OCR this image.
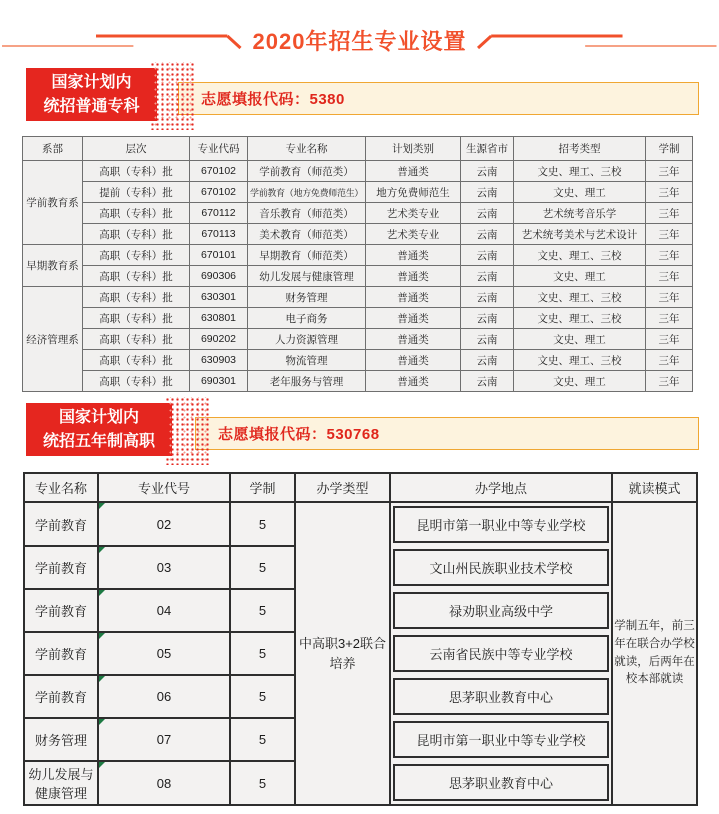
2020年招生专业设置
国家计划内
统招普通专科	志愿填报代码：5380
系部	层次	专业代码	专业名称	计划类别	生源省市	招考类型	学制
学前教育系	高职（专科）批	670102	学前教育（师范类）	普通类	云南	文史、理工、三校	三年
	提前（专科）批	670102	学前教育（地方免费师范生）	地方免费师范生	云南	文史、理工	三年
	高职（专科）批	670112	音乐教育（师范类）	艺术类专业	云南	艺术统考音乐学	三年
	高职（专科）批	670113	美术教育（师范类）	艺术类专业	云南	艺术统考美术与艺术设计	三年
早期教育系	高职（专科）批	670101	早期教育（师范类）	普通类	云南	文史、理工、三校	三年
	高职（专科）批	690306	幼儿发展与健康管理	普通类	云南	文史、理工	三年
经济管理系	高职（专科）批	630301	财务管理	普通类	云南	文史、理工、三校	三年
	高职（专科）批	630801	电子商务	普通类	云南	文史、理工、三校	三年
	高职（专科）批	690202	人力资源管理	普通类	云南	文史、理工	三年
	高职（专科）批	630903	物流管理	普通类	云南	文史、理工、三校	三年
	高职（专科）批	690301	老年服务与管理	普通类	云南	文史、理工	三年
国家计划内
统招五年制高职	志愿填报代码：530768
专业名称	专业代号	学制	办学类型	办学地点	就读模式
学前教育	02	5	中高职3+2联合培养	昆明市第一职业中等专业学校	学制五年，前三年在联合办学校就读，后两年在校本部就读
学前教育	03	5		文山州民族职业技术学校	

学前教育	04	5		禄劝职业高级中学	

学前教育	05	5		云南省民族中等专业学校	

学前教育	06	5		思茅职业教育中心	

财务管理	07	5		昆明市第一职业中等专业学校	

幼儿发展与健康管理	08	5		思茅职业教育中心	
